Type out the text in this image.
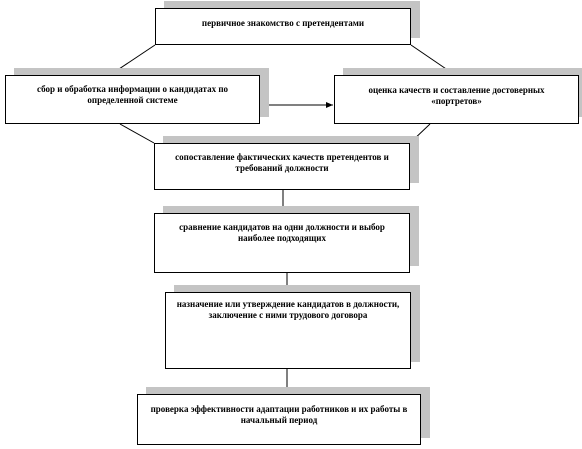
первичное знакомство с претендентами
сбор и обработка информации о кандидатах по определенной системе
оценка качеств и составление достоверных «портретов»
сопоставление фактических качеств претендентов и требований должности
сравнение кандидатов на одни должности и выбор наиболее подходящих
назначение или утверждение кандидатов в должности, заключение с ними трудового договора
проверка эффективности адаптации работников и их работы в начальный период
